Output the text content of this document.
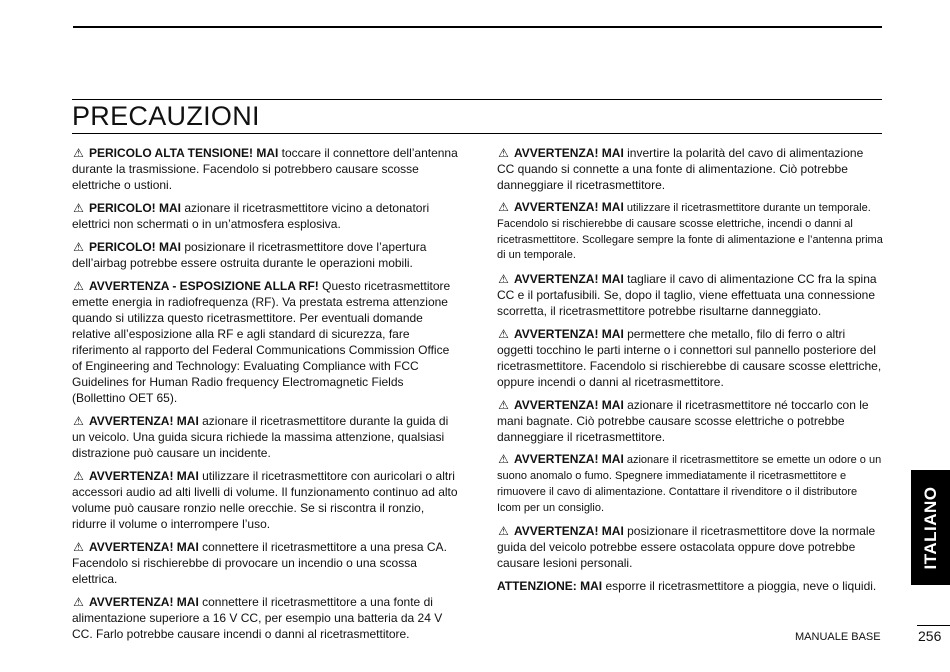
PRECAUZIONI

⚠ PERICOLO ALTA TENSIONE! MAI toccare il connettore dell’antenna durante la trasmissione. Facendolo si potrebbero causare scosse elettriche o ustioni.

⚠ PERICOLO! MAI azionare il ricetrasmettitore vicino a detonatori elettrici non schermati o in un’atmosfera esplosiva.

⚠ PERICOLO! MAI posizionare il ricetrasmettitore dove l’apertura dell’airbag potrebbe essere ostruita durante le operazioni mobili.

⚠ AVVERTENZA - ESPOSIZIONE ALLA RF! Questo ricetrasmettitore emette energia in radiofrequenza (RF). Va prestata estrema attenzione quando si utilizza questo ricetrasmettitore. Per eventuali domande relative all’esposizione alla RF e agli standard di sicurezza, fare riferimento al rapporto del Federal Communications Commission Office of Engineering and Technology: Evaluating Compliance with FCC Guidelines for Human Radio frequency Electromagnetic Fields (Bollettino OET 65).

⚠ AVVERTENZA! MAI azionare il ricetrasmettitore durante la guida di un veicolo. Una guida sicura richiede la massima attenzione, qualsiasi distrazione può causare un incidente.

⚠ AVVERTENZA! MAI utilizzare il ricetrasmettitore con auricolari o altri accessori audio ad alti livelli di volume. Il funzionamento continuo ad alto volume può causare ronzio nelle orecchie. Se si riscontra il ronzio, ridurre il volume o interrompere l’uso.

⚠ AVVERTENZA! MAI connettere il ricetrasmettitore a una presa CA. Facendolo si rischierebbe di provocare un incendio o una scossa elettrica.

⚠ AVVERTENZA! MAI connettere il ricetrasmettitore a una fonte di alimentazione superiore a 16 V CC, per esempio una batteria da 24 V CC. Farlo potrebbe causare incendi o danni al ricetrasmettitore.

⚠ AVVERTENZA! MAI invertire la polarità del cavo di alimentazione CC quando si connette a una fonte di alimentazione. Ciò potrebbe danneggiare il ricetrasmettitore.

⚠ AVVERTENZA! MAI utilizzare il ricetrasmettitore durante un temporale. Facendolo si rischierebbe di causare scosse elettriche, incendi o danni al ricetrasmettitore. Scollegare sempre la fonte di alimentazione e l’antenna prima di un temporale.

⚠ AVVERTENZA! MAI tagliare il cavo di alimentazione CC fra la spina CC e il portafusibili. Se, dopo il taglio, viene effettuata una connessione scorretta, il ricetrasmettitore potrebbe risultarne danneggiato.

⚠ AVVERTENZA! MAI permettere che metallo, filo di ferro o altri oggetti tocchino le parti interne o i connettori sul pannello posteriore del ricetrasmettitore. Facendolo si rischierebbe di causare scosse elettriche, oppure incendi o danni al ricetrasmettitore.

⚠ AVVERTENZA! MAI azionare il ricetrasmettitore né toccarlo con le mani bagnate. Ciò potrebbe causare scosse elettriche o potrebbe danneggiare il ricetrasmettitore.

⚠ AVVERTENZA! MAI azionare il ricetrasmettitore se emette un odore o un suono anomalo o fumo. Spegnere immediatamente il ricetrasmettitore e rimuovere il cavo di alimentazione. Contattare il rivenditore o il distributore Icom per un consiglio.

⚠ AVVERTENZA! MAI posizionare il ricetrasmettitore dove la normale guida del veicolo potrebbe essere ostacolata oppure dove potrebbe causare lesioni personali.

ATTENZIONE: MAI esporre il ricetrasmettitore a pioggia, neve o liquidi.

ITALIANO
MANUALE BASE	256
